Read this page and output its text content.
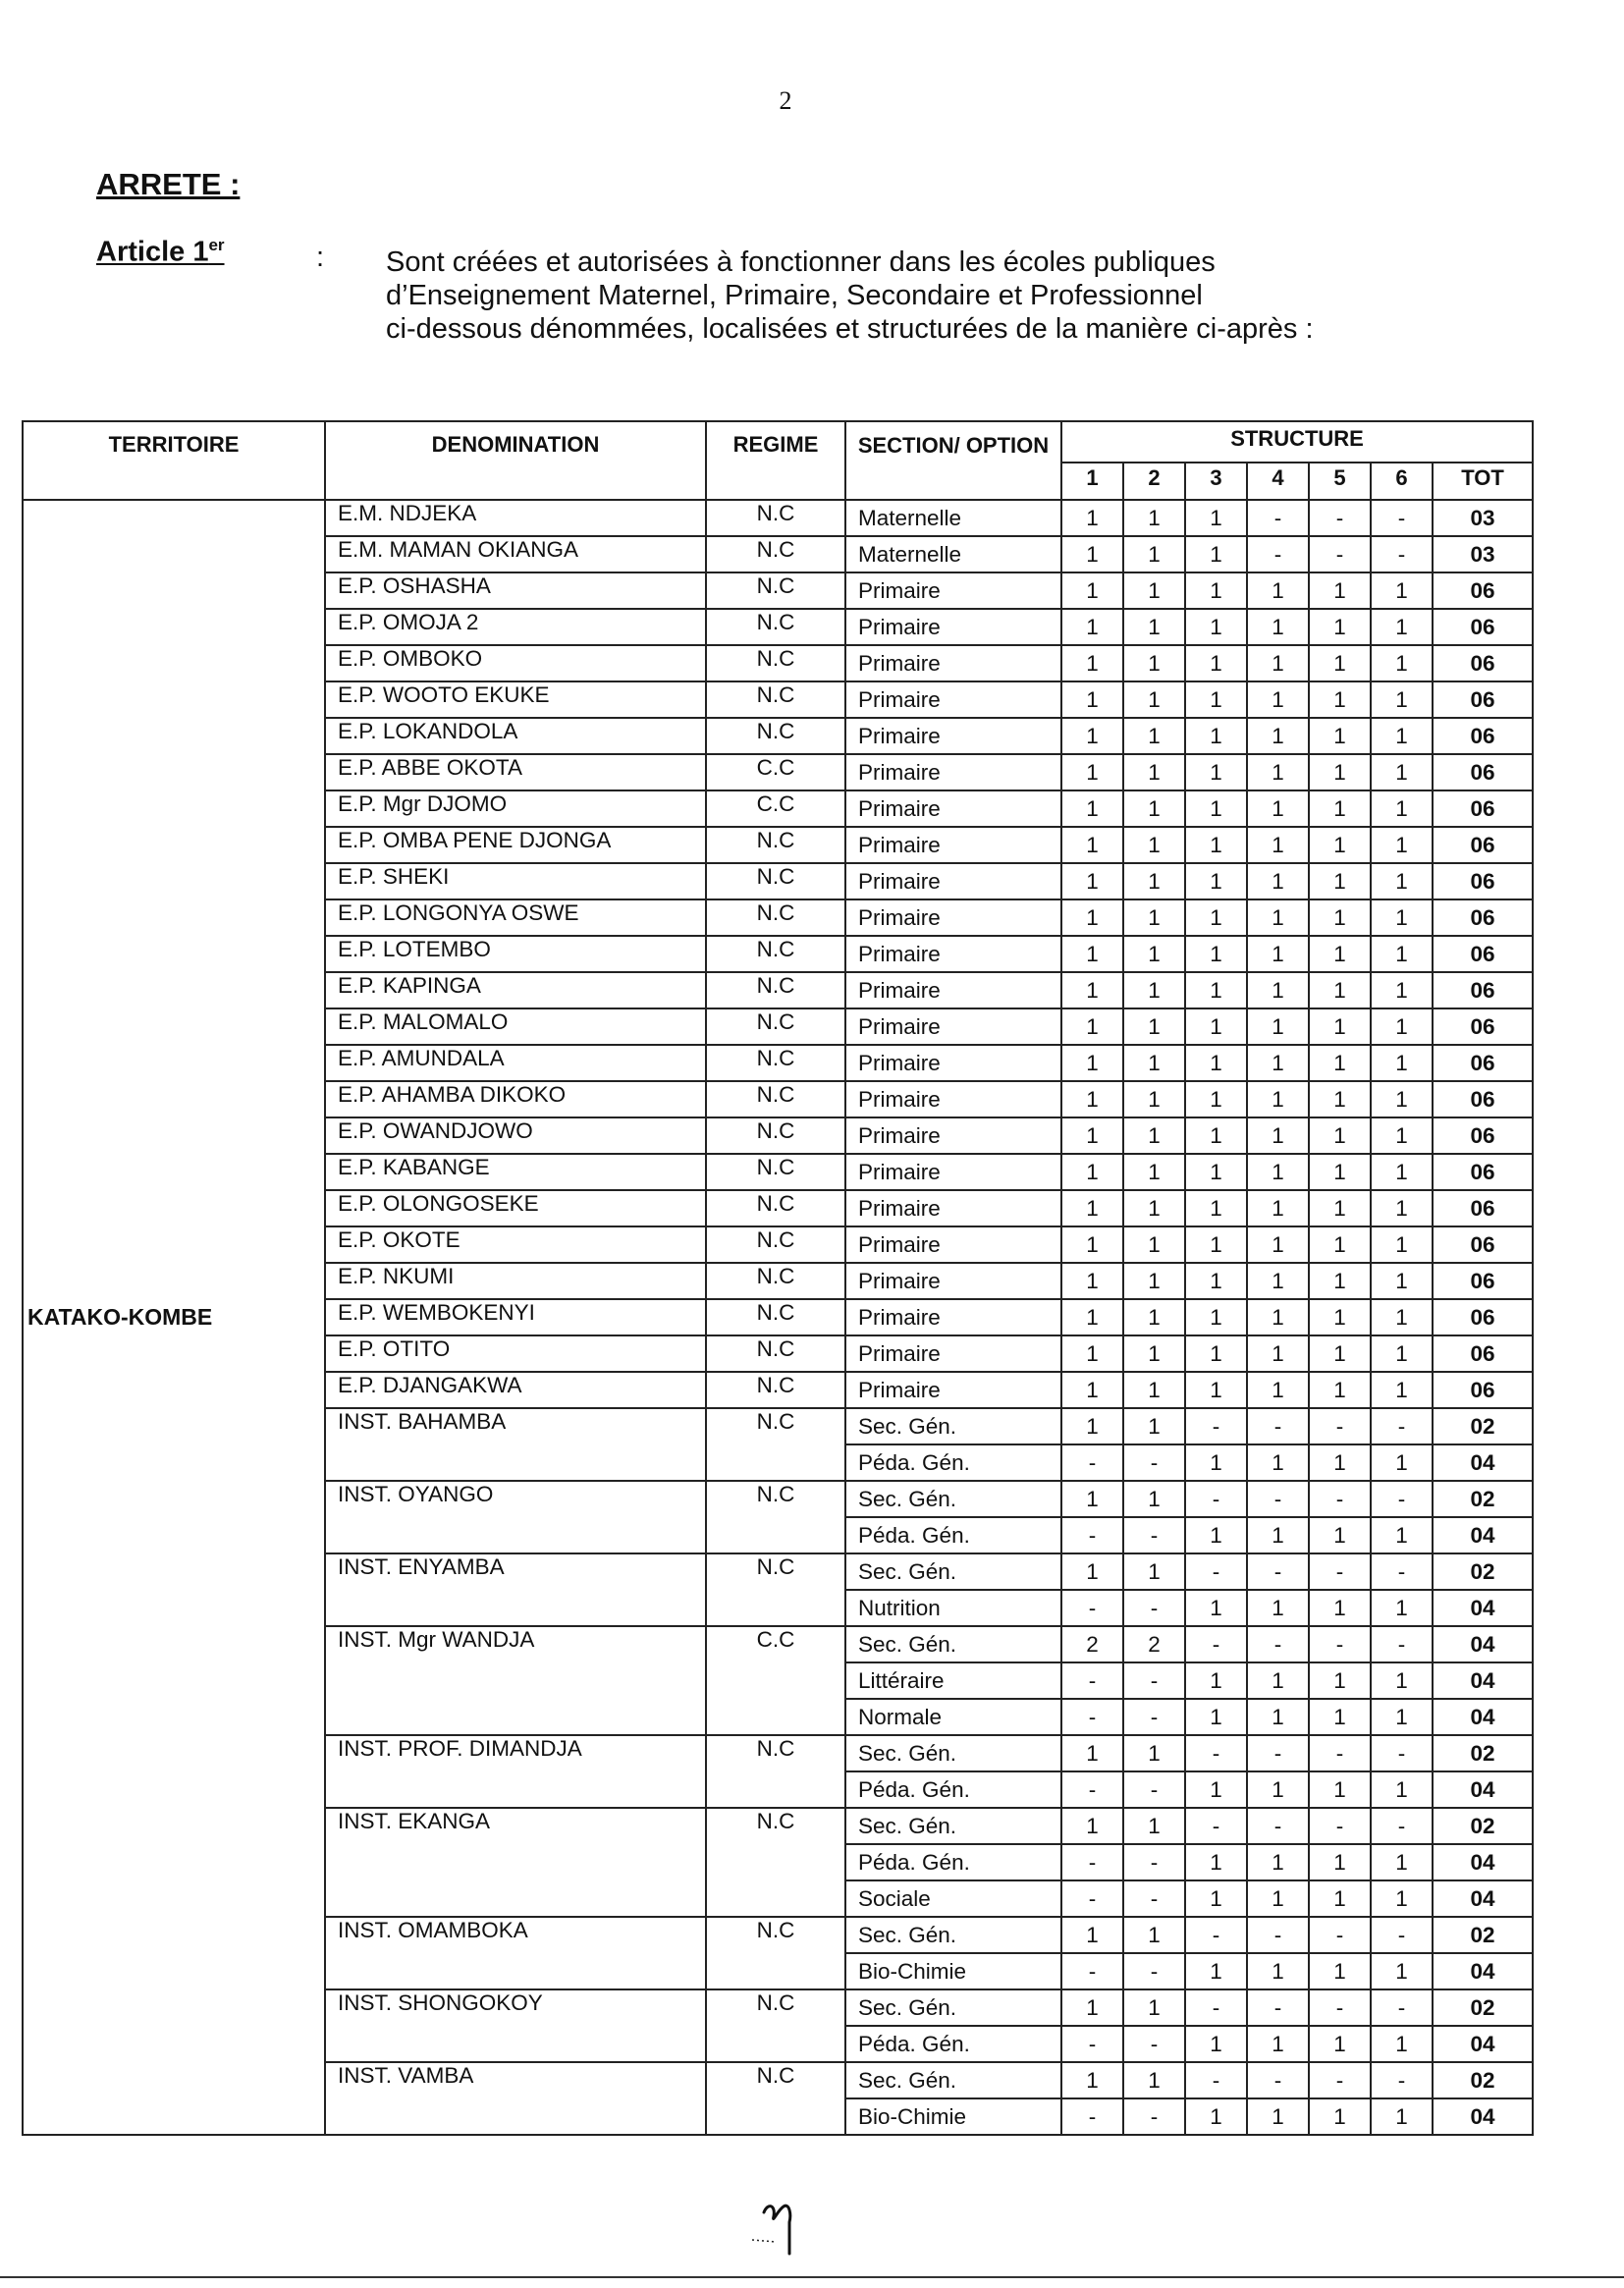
2
ARRETE :
Article 1er	: Sont créées et autorisées à fonctionner dans les écoles publiques
d’Enseignement Maternel, Primaire, Secondaire et Professionnel
ci-dessous dénommées, localisées et structurées de la manière ci-après :
TERRITOIRE	DENOMINATION	REGIME	SECTION/ OPTION	STRUCTURE						
				1	2	3	4	5	6	TOT
KATAKO-KOMBE	E.M. NDJEKA	N.C	Maternelle	1	1	1	-	-	-	03
	E.M. MAMAN OKIANGA	N.C	Maternelle	1	1	1	-	-	-	03
	E.P. OSHASHA	N.C	Primaire	1	1	1	1	1	1	06
	E.P. OMOJA 2	N.C	Primaire	1	1	1	1	1	1	06
	E.P. OMBOKO	N.C	Primaire	1	1	1	1	1	1	06
	E.P. WOOTO EKUKE	N.C	Primaire	1	1	1	1	1	1	06
	E.P. LOKANDOLA	N.C	Primaire	1	1	1	1	1	1	06
	E.P. ABBE OKOTA	C.C	Primaire	1	1	1	1	1	1	06
	E.P. Mgr DJOMO	C.C	Primaire	1	1	1	1	1	1	06
	E.P. OMBA PENE DJONGA	N.C	Primaire	1	1	1	1	1	1	06
	E.P. SHEKI	N.C	Primaire	1	1	1	1	1	1	06
	E.P. LONGONYA OSWE	N.C	Primaire	1	1	1	1	1	1	06
	E.P. LOTEMBO	N.C	Primaire	1	1	1	1	1	1	06
	E.P. KAPINGA	N.C	Primaire	1	1	1	1	1	1	06
	E.P. MALOMALO	N.C	Primaire	1	1	1	1	1	1	06
	E.P. AMUNDALA	N.C	Primaire	1	1	1	1	1	1	06
	E.P. AHAMBA DIKOKO	N.C	Primaire	1	1	1	1	1	1	06
	E.P. OWANDJOWO	N.C	Primaire	1	1	1	1	1	1	06
	E.P. KABANGE	N.C	Primaire	1	1	1	1	1	1	06
	E.P. OLONGOSEKE	N.C	Primaire	1	1	1	1	1	1	06
	E.P. OKOTE	N.C	Primaire	1	1	1	1	1	1	06
	E.P. NKUMI	N.C	Primaire	1	1	1	1	1	1	06
	E.P. WEMBOKENYI	N.C	Primaire	1	1	1	1	1	1	06
	E.P. OTITO	N.C	Primaire	1	1	1	1	1	1	06
	E.P. DJANGAKWA	N.C	Primaire	1	1	1	1	1	1	06
	INST. BAHAMBA	N.C	Sec. Gén.	1	1	-	-	-	-	02
			Péda. Gén.	-	-	1	1	1	1	04
	INST. OYANGO	N.C	Sec. Gén.	1	1	-	-	-	-	02
			Péda. Gén.	-	-	1	1	1	1	04
	INST. ENYAMBA	N.C	Sec. Gén.	1	1	-	-	-	-	02
			Nutrition	-	-	1	1	1	1	04
	INST. Mgr WANDJA	C.C	Sec. Gén.	2	2	-	-	-	-	04
			Littéraire	-	-	1	1	1	1	04
			Normale	-	-	1	1	1	1	04
	INST. PROF. DIMANDJA	N.C	Sec. Gén.	1	1	-	-	-	-	02
			Péda. Gén.	-	-	1	1	1	1	04
	INST. EKANGA	N.C	Sec. Gén.	1	1	-	-	-	-	02
			Péda. Gén.	-	-	1	1	1	1	04
			Sociale	-	-	1	1	1	1	04
	INST. OMAMBOKA	N.C	Sec. Gén.	1	1	-	-	-	-	02
			Bio-Chimie	-	-	1	1	1	1	04
	INST. SHONGOKOY	N.C	Sec. Gén.	1	1	-	-	-	-	02
			Péda. Gén.	-	-	1	1	1	1	04
	INST. VAMBA	N.C	Sec. Gén.	1	1	-	-	-	-	02
			Bio-Chimie	-	-	1	1	1	1	04
